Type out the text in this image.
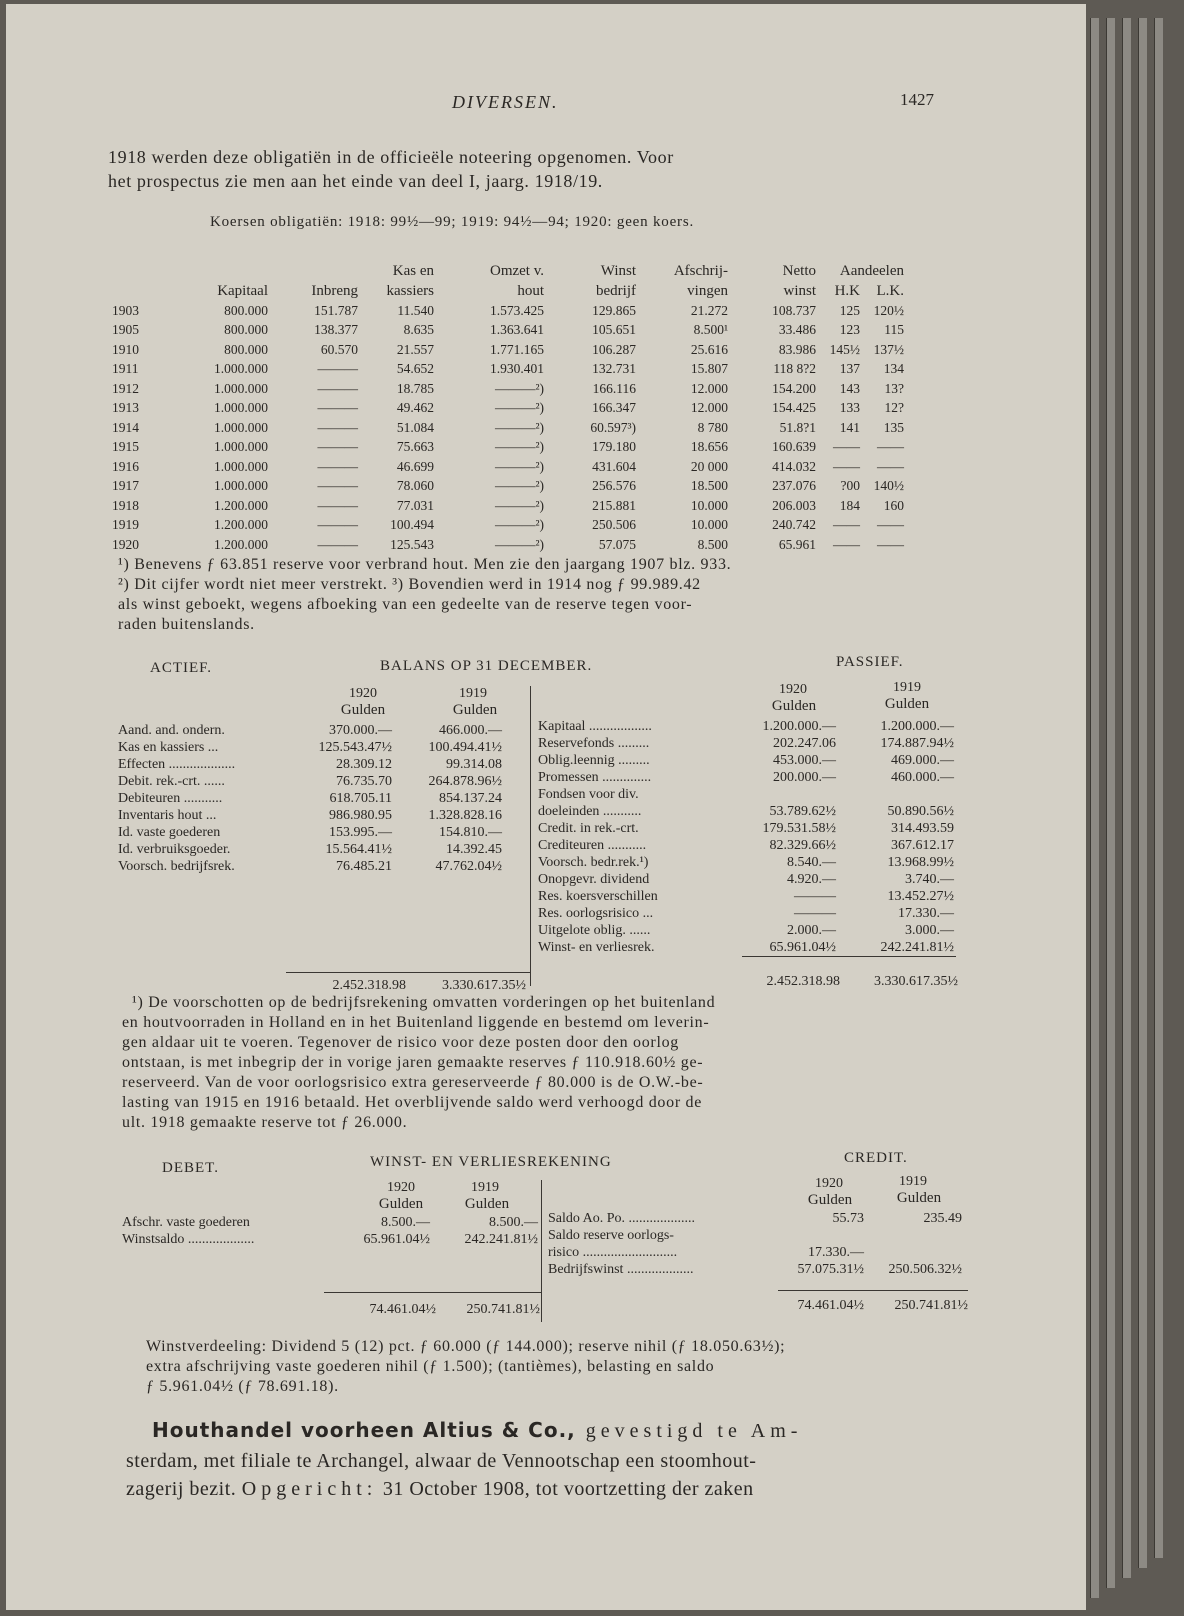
DIVERSEN.	1427
1918 werden deze obligatiën in de officieële noteering opgenomen. Voor
het prospectus zie men aan het einde van deel I, jaarg. 1918/19.
Koersen obligatiën: 1918: 99½—99; 1919: 94½—94; 1920: geen koers.
			Kas en	Omzet v.	Winst	Afschrij-	Netto	Aandeelen	
	Kapitaal	Inbreng	kassiers	hout	bedrijf	vingen	winst	H.K	L.K.
1903	800.000	151.787	11.540	1.573.425	129.865	21.272	108.737	125	120½
1905	800.000	138.377	8.635	1.363.641	105.651	8.500¹	33.486	123	115
1910	800.000	60.570	21.557	1.771.165	106.287	25.616	83.986	145½	137½
1911	1.000.000	———	54.652	1.930.401	132.731	15.807	118 8?2	137	134
1912	1.000.000	———	18.785	———²)	166.116	12.000	154.200	143	13?
1913	1.000.000	———	49.462	———²)	166.347	12.000	154.425	133	12?
1914	1.000.000	———	51.084	———²)	60.597³)	8 780	51.8?1	141	135
1915	1.000.000	———	75.663	———²)	179.180	18.656	160.639	——	——
1916	1.000.000	———	46.699	———²)	431.604	20 000	414.032	——	——
1917	1.000.000	———	78.060	———²)	256.576	18.500	237.076	?00	140½
1918	1.200.000	———	77.031	———²)	215.881	10.000	206.003	184	160
1919	1.200.000	———	100.494	———²)	250.506	10.000	240.742	——	——
1920	1.200.000	———	125.543	———²)	57.075	8.500	65.961	——	——
¹) Benevens ƒ 63.851 reserve voor verbrand hout. Men zie den jaargang 1907 blz. 933.
²) Dit cijfer wordt niet meer verstrekt. ³) Bovendien werd in 1914 nog ƒ 99.989.42
als winst geboekt, wegens afboeking van een gedeelte van de reserve tegen voor-
raden buitenslands.
ACTIEF.	BALANS OP 31 DECEMBER.	PASSIEF.
1920	1919
Gulden	Gulden
1920	1919
Gulden	Gulden
Aand. and. ondern.	370.000.—	466.000.—
Kas en kassiers ...	125.543.47½	100.494.41½
Effecten ...................	28.309.12	99.314.08
Debit. rek.-crt. ......	76.735.70	264.878.96½
Debiteuren ...........	618.705.11	854.137.24
Inventaris hout ...	986.980.95	1.328.828.16
Id. vaste goederen	153.995.—	154.810.—
Id. verbruiksgoeder.	15.564.41½	14.392.45
Voorsch. bedrijfsrek.	76.485.21	47.762.04½
Kapitaal ..................	1.200.000.—	1.200.000.—
Reservefonds .........	202.247.06	174.887.94½
Oblig.leennig .........	453.000.—	469.000.—
Promessen ..............	200.000.—	460.000.—
Fondsen voor div.		
doeleinden ...........	53.789.62½	50.890.56½
Credit. in rek.-crt.	179.531.58½	314.493.59
Crediteuren ...........	82.329.66½	367.612.17
Voorsch. bedr.rek.¹)	8.540.—	13.968.99½
Onopgevr. dividend	4.920.—	3.740.—
Res. koersverschillen	———	13.452.27½
Res. oorlogsrisico ...	———	17.330.—
Uitgelote oblig. ......	2.000.—	3.000.—
Winst- en verliesrek.	65.961.04½	242.241.81½
2.452.318.98	3.330.617.35½	2.452.318.98	3.330.617.35½
¹) De voorschotten op de bedrijfsrekening omvatten vorderingen op het buitenland
en houtvoorraden in Holland en in het Buitenland liggende en bestemd om leverin-
gen aldaar uit te voeren. Tegenover de risico voor deze posten door den oorlog
ontstaan, is met inbegrip der in vorige jaren gemaakte reserves ƒ 110.918.60½ ge-
reserveerd. Van de voor oorlogsrisico extra gereserveerde ƒ 80.000 is de O.W.-be-
lasting van 1915 en 1916 betaald. Het overblijvende saldo werd verhoogd door de
ult. 1918 gemaakte reserve tot ƒ 26.000.
DEBET.	WINST- EN VERLIESREKENING	CREDIT.
1920	1919
Gulden	Gulden
1920	1919
Gulden	Gulden
Afschr. vaste goederen	8.500.—	8.500.—
Winstsaldo ...................	65.961.04½	242.241.81½
Saldo Ao. Po. ...................	55.73	235.49
Saldo reserve oorlogs-		
risico ...........................	17.330.—	
Bedrijfswinst ...................	57.075.31½	250.506.32½
74.461.04½	250.741.81½	74.461.04½	250.741.81½
Winstverdeeling: Dividend 5 (12) pct. ƒ 60.000 (ƒ 144.000); reserve nihil (ƒ 18.050.63½);
extra afschrijving vaste goederen nihil (ƒ 1.500); (tantièmes), belasting en saldo
ƒ 5.961.04½ (ƒ 78.691.18).
Houthandel voorheen Altius & Co., gevestigd te Am-
sterdam, met filiale te Archangel, alwaar de Vennootschap een stoomhout-
zagerij bezit. Opgericht: 31 October 1908, tot voortzetting der zaken
